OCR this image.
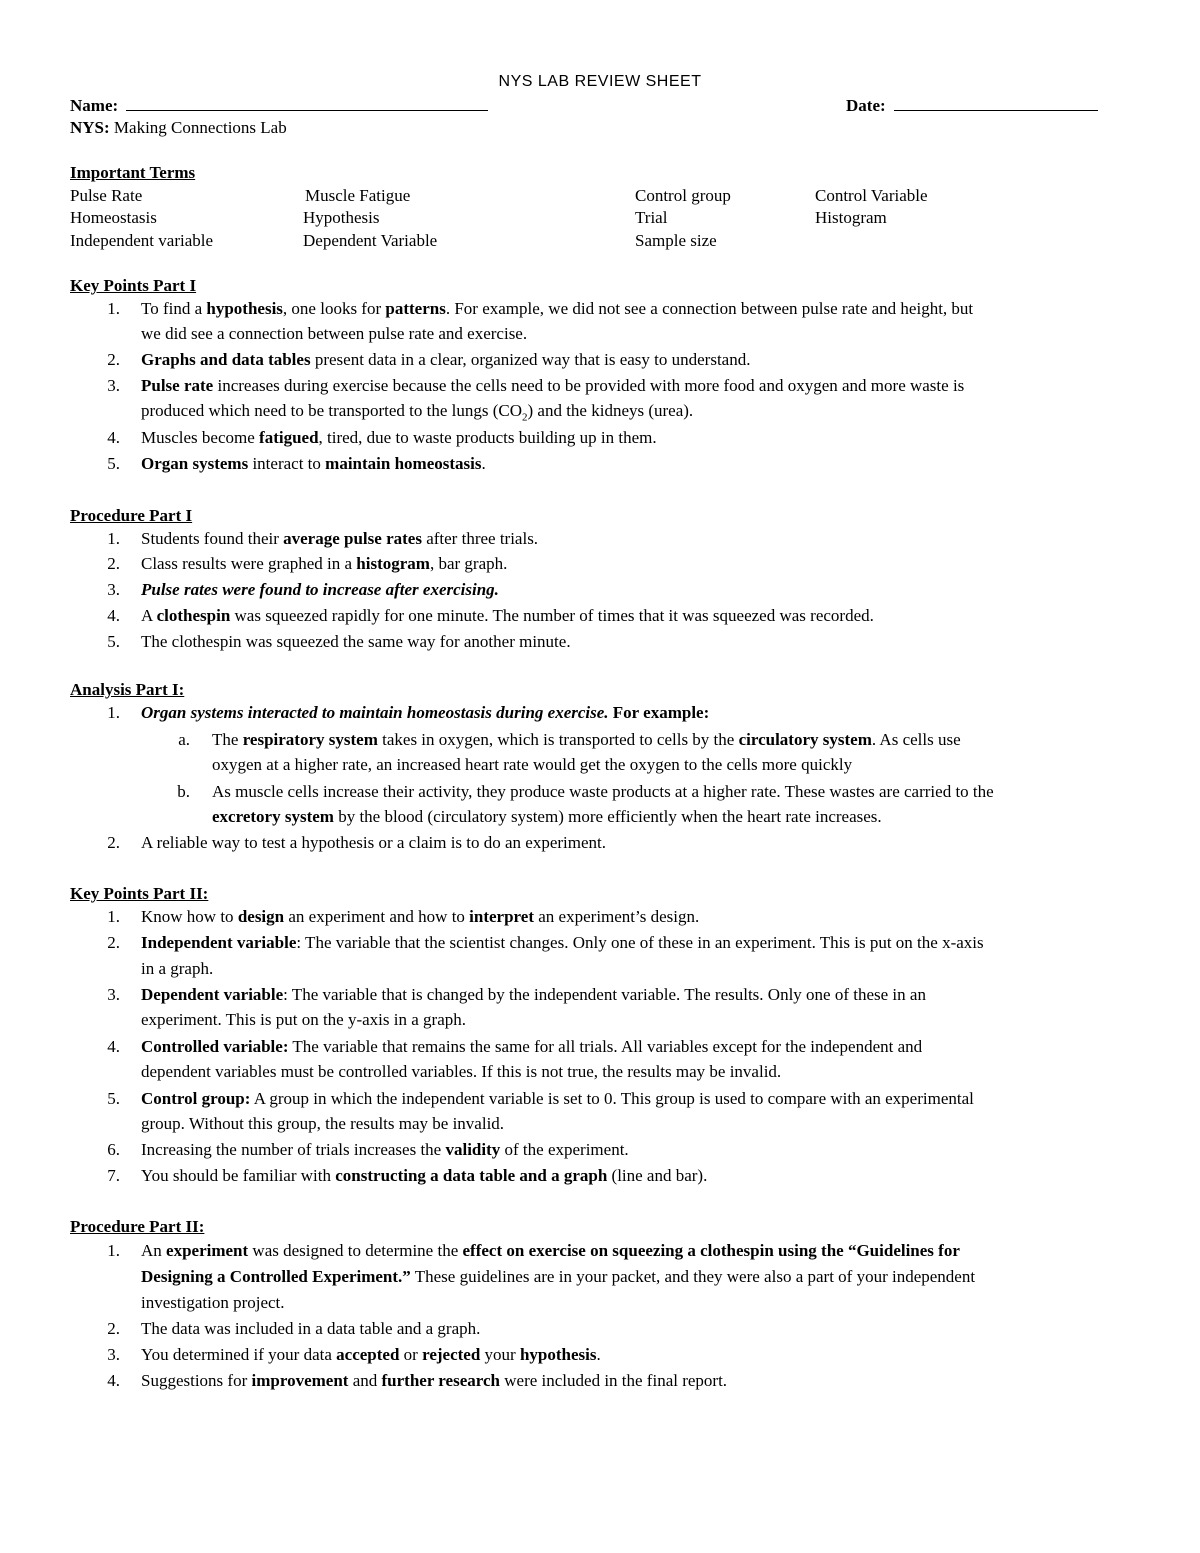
NYS LAB REVIEW SHEET
Name:	Date:
NYS: Making Connections Lab
Important Terms
Pulse Rate	Muscle Fatigue	Control group	Control Variable
Homeostasis	Hypothesis	Trial	Histogram
Independent variable	Dependent Variable	Sample size
Key Points Part I
1. To find a hypothesis, one looks for patterns. For example, we did not see a connection between pulse rate and height, but
we did see a connection between pulse rate and exercise.
2. Graphs and data tables present data in a clear, organized way that is easy to understand.
3. Pulse rate increases during exercise because the cells need to be provided with more food and oxygen and more waste is
produced which need to be transported to the lungs $(CO_2)$ and the kidneys (urea).
4. Muscles become fatigued, tired, due to waste products building up in them.
5. Organ systems interact to maintain homeostasis.
Procedure Part I
1. Students found their average pulse rates after three trials.
2. Class results were graphed in a histogram, bar graph.
3. Pulse rates were found to increase after exercising.
4. A clothespin was squeezed rapidly for one minute. The number of times that it was squeezed was recorded.
5. The clothespin was squeezed the same way for another minute.
Analysis Part I:
1. Organ systems interacted to maintain homeostasis during exercise. For example:
a. The respiratory system takes in oxygen, which is transported to cells by the circulatory system. As cells use
oxygen at a higher rate, an increased heart rate would get the oxygen to the cells more quickly
b. As muscle cells increase their activity, they produce waste products at a higher rate. These wastes are carried to the
excretory system by the blood (circulatory system) more efficiently when the heart rate increases.
2. A reliable way to test a hypothesis or a claim is to do an experiment.
Key Points Part II:
1. Know how to design an experiment and how to interpret an experiment’s design.
2. Independent variable: The variable that the scientist changes. Only one of these in an experiment. This is put on the x-axis
in a graph.
3. Dependent variable: The variable that is changed by the independent variable. The results. Only one of these in an
experiment. This is put on the y-axis in a graph.
4. Controlled variable: The variable that remains the same for all trials. All variables except for the independent and
dependent variables must be controlled variables. If this is not true, the results may be invalid.
5. Control group: A group in which the independent variable is set to 0. This group is used to compare with an experimental
group. Without this group, the results may be invalid.
6. Increasing the number of trials increases the validity of the experiment.
7. You should be familiar with constructing a data table and a graph (line and bar).
Procedure Part II:
1. An experiment was designed to determine the effect on exercise on squeezing a clothespin using the “Guidelines for
Designing a Controlled Experiment.” These guidelines are in your packet, and they were also a part of your independent
investigation project.
2. The data was included in a data table and a graph.
3. You determined if your data accepted or rejected your hypothesis.
4. Suggestions for improvement and further research were included in the final report.
